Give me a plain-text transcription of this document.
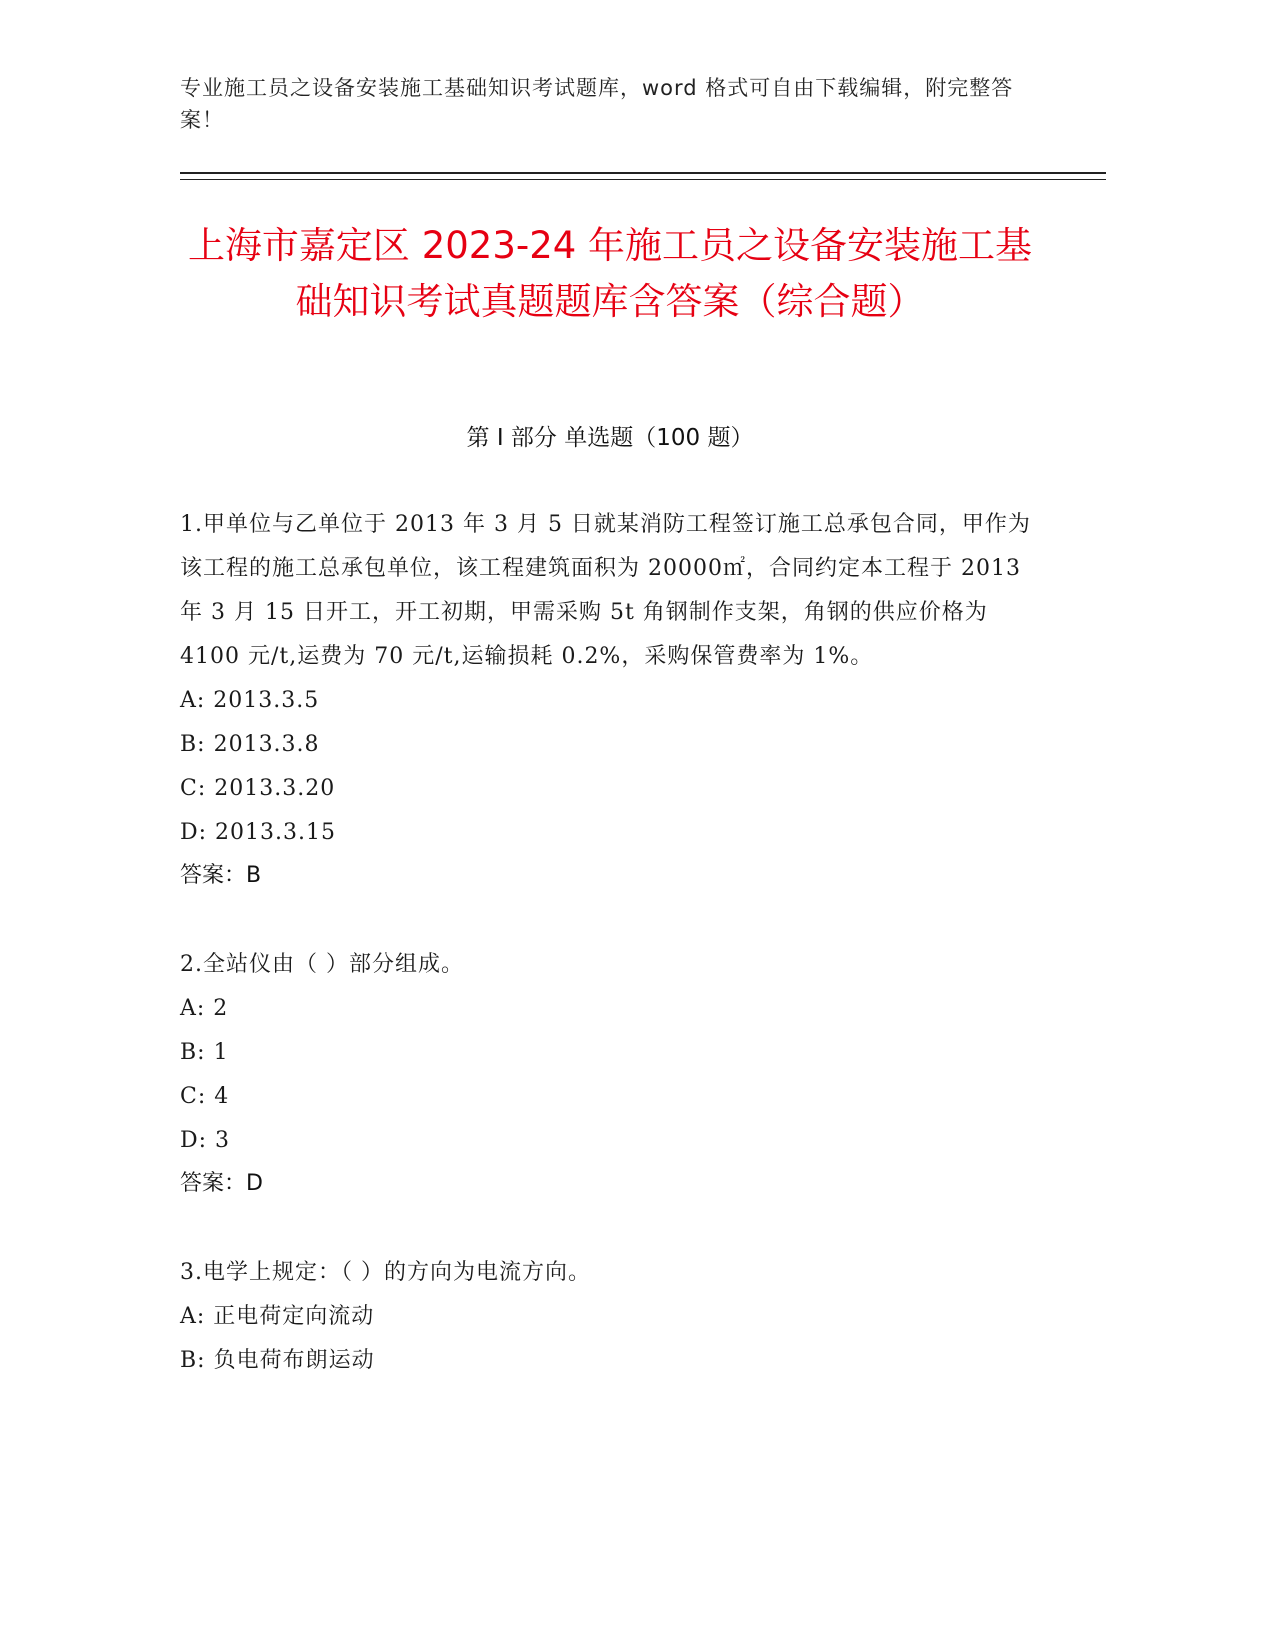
专业施工员之设备安装施工基础知识考试题库，word 格式可自由下载编辑，附完整答案！
上海市嘉定区 2023-24 年施工员之设备安装施工基础知识考试真题题库含答案（综合题）
第 I 部分 单选题（100 题）
1.甲单位与乙单位于 2013 年 3 月 5 日就某消防工程签订施工总承包合同，甲作为该工程的施工总承包单位，该工程建筑面积为 20000㎡，合同约定本工程于 2013 年 3 月 15 日开工，开工初期，甲需采购 5t 角钢制作支架，角钢的供应价格为 4100 元/t,运费为 70 元/t,运输损耗 0.2%，采购保管费率为 1%。
A: 2013.3.5
B: 2013.3.8
C: 2013.3.20
D: 2013.3.15
答案：B
2.全站仪由（ ）部分组成。
A: 2
B: 1
C: 4
D: 3
答案：D
3.电学上规定：（ ）的方向为电流方向。
A: 正电荷定向流动
B: 负电荷布朗运动
